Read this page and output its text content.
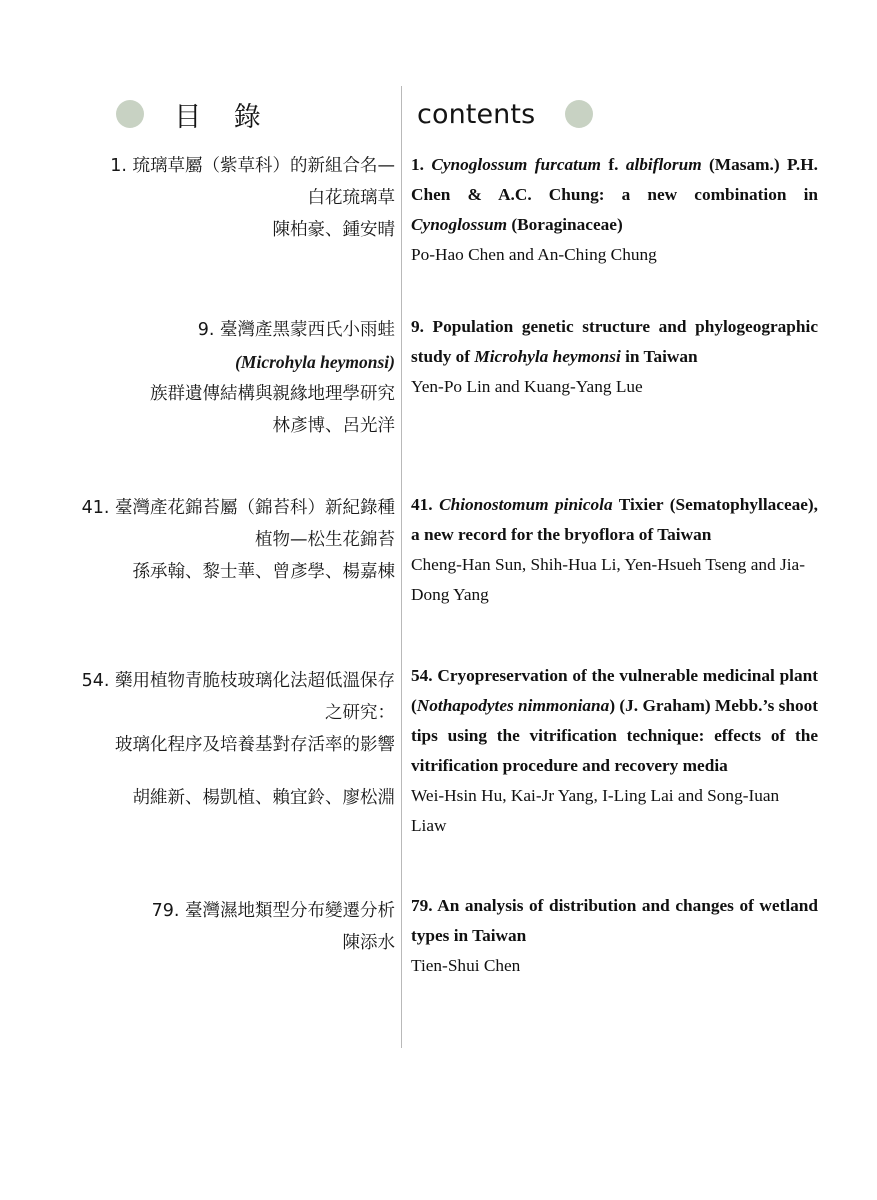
目 錄	contents
1. 琉璃草屬（紫草科）的新組合名—
白花琉璃草
陳柏豪、鍾安晴

1. Cynoglossum furcatum f. albiflorum (Masam.) P.H. Chen & A.C. Chung: a new combination in Cynoglossum (Boraginaceae)

Po-Hao Chen and An-Ching Chung

9. 臺灣產黑蒙西氏小雨蛙
(Microhyla heymonsi)
族群遺傳結構與親緣地理學研究
林彥博、呂光洋

9. Population genetic structure and phylogeographic study of Microhyla heymonsi in Taiwan

Yen-Po Lin and Kuang-Yang Lue

41. 臺灣產花錦苔屬（錦苔科）新紀錄種
植物—松生花錦苔
孫承翰、黎士華、曾彥學、楊嘉棟

41. Chionostomum pinicola Tixier (Sematophyllaceae), a new record for the bryoflora of Taiwan

Cheng-Han Sun, Shih-Hua Li, Yen-Hsueh Tseng and Jia-Dong Yang

54. 藥用植物青脆枝玻璃化法超低溫保存
之研究：
玻璃化程序及培養基對存活率的影響
胡維新、楊凱植、賴宜鈴、廖松淵

54. Cryopreservation of the vulnerable medicinal plant (Nothapodytes nimmoniana) (J. Graham) Mebb.’s shoot tips using the vitrification technique: effects of the vitrification procedure and recovery media

Wei-Hsin Hu, Kai-Jr Yang, I-Ling Lai and Song-Iuan Liaw

79. 臺灣濕地類型分布變遷分析
陳添水

79. An analysis of distribution and changes of wetland types in Taiwan

Tien-Shui Chen
